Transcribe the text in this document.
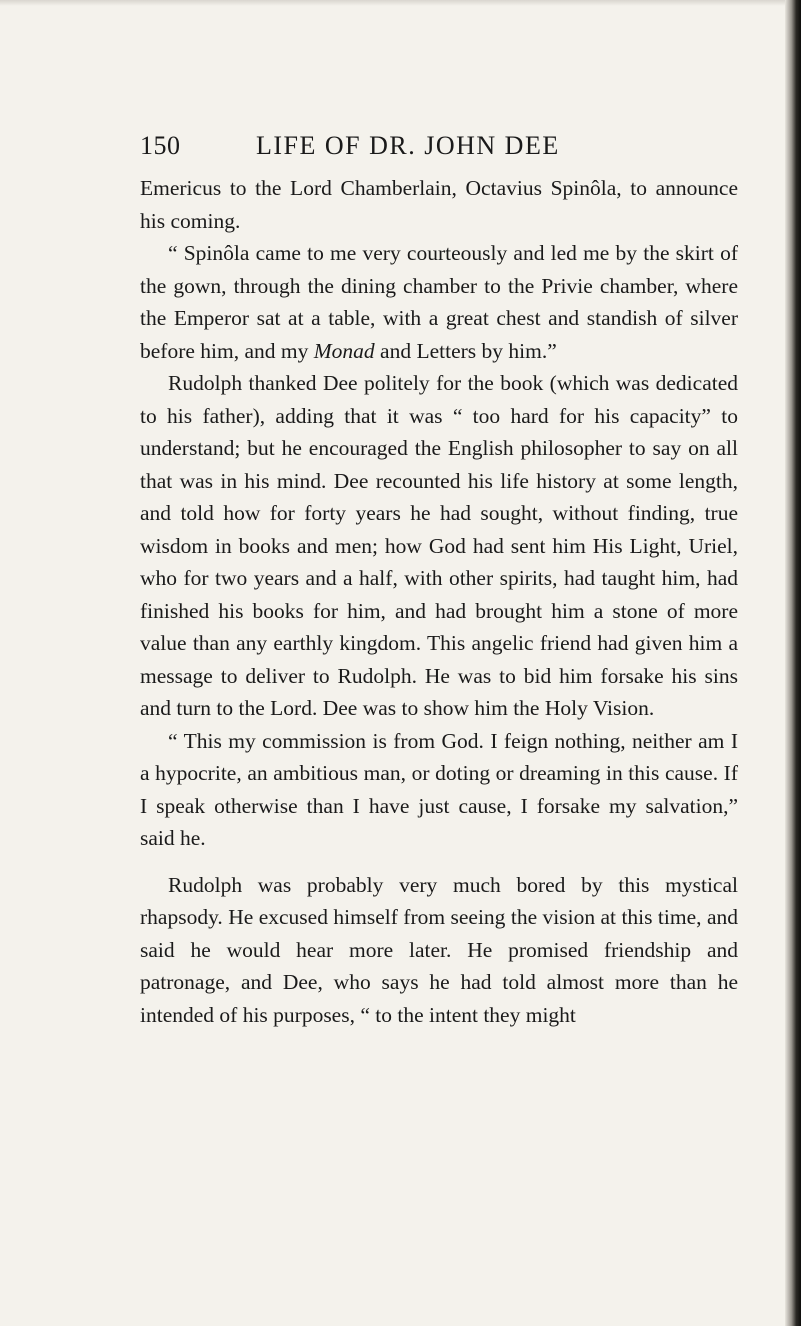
150	LIFE OF DR. JOHN DEE

Emericus to the Lord Chamberlain, Octavius Spinôla, to announce his coming.

“ Spinôla came to me very courteously and led me by the skirt of the gown, through the dining chamber to the Privie chamber, where the Emperor sat at a table, with a great chest and standish of silver before him, and my Monad and Letters by him.”

Rudolph thanked Dee politely for the book (which was dedicated to his father), adding that it was “ too hard for his capacity” to understand; but he encouraged the English philosopher to say on all that was in his mind. Dee recounted his life history at some length, and told how for forty years he had sought, without finding, true wisdom in books and men; how God had sent him His Light, Uriel, who for two years and a half, with other spirits, had taught him, had finished his books for him, and had brought him a stone of more value than any earthly kingdom. This angelic friend had given him a message to deliver to Rudolph. He was to bid him forsake his sins and turn to the Lord. Dee was to show him the Holy Vision.

“ This my commission is from God. I feign nothing, neither am I a hypocrite, an ambitious man, or doting or dreaming in this cause. If I speak otherwise than I have just cause, I forsake my salvation,” said he.

Rudolph was probably very much bored by this mystical rhapsody. He excused himself from seeing the vision at this time, and said he would hear more later. He promised friendship and patronage, and Dee, who says he had told almost more than he intended of his purposes, “ to the intent they might
